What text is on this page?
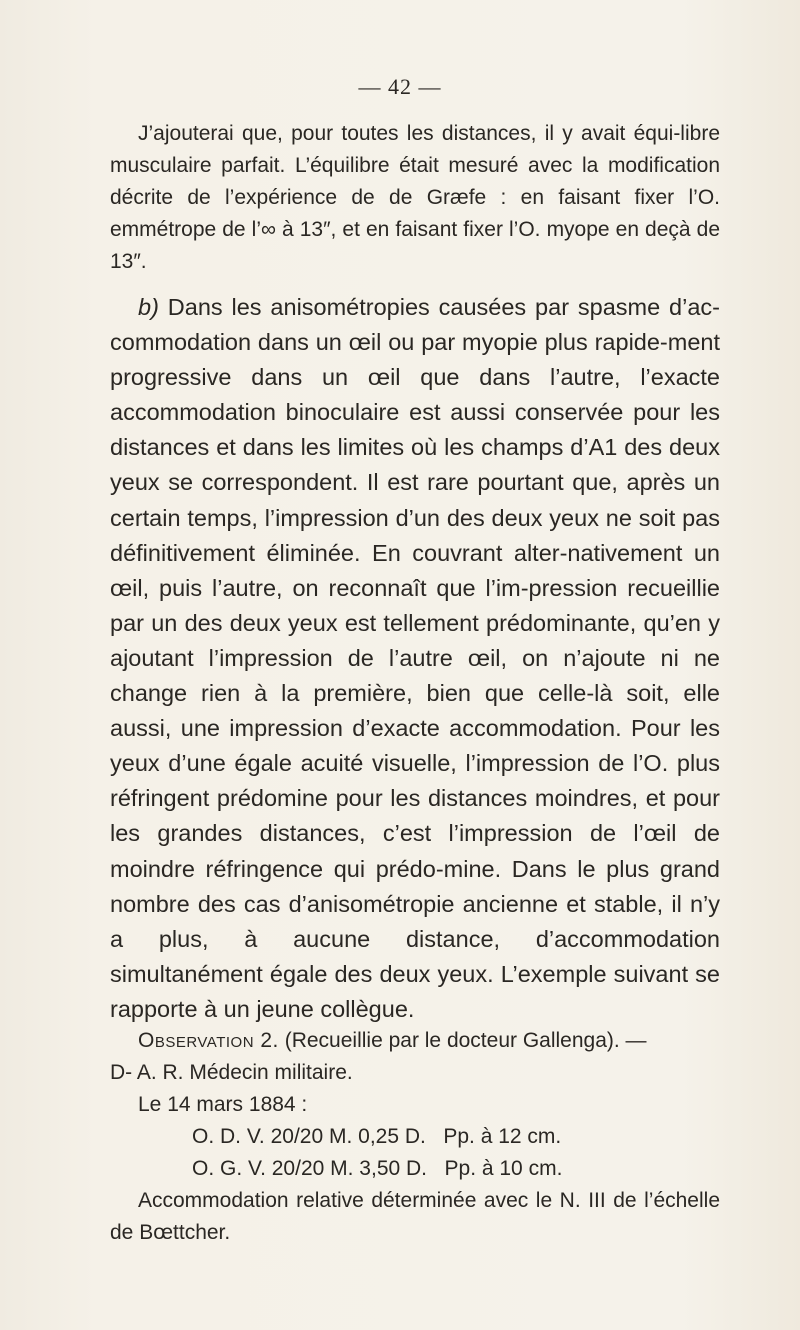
— 42 —

J’ajouterai que, pour toutes les distances, il y avait équi-libre musculaire parfait. L’équilibre était mesuré avec la modification décrite de l’expérience de de Græfe : en faisant fixer l’O. emmétrope de l’∞ à 13″, et en faisant fixer l’O. myope en deçà de 13″.

b) Dans les anisométropies causées par spasme d’ac-commodation dans un œil ou par myopie plus rapide-ment progressive dans un œil que dans l’autre, l’exacte accommodation binoculaire est aussi conservée pour les distances et dans les limites où les champs d’A1 des deux yeux se correspondent. Il est rare pourtant que, après un certain temps, l’impression d’un des deux yeux ne soit pas définitivement éliminée. En couvrant alter-nativement un œil, puis l’autre, on reconnaît que l’im-pression recueillie par un des deux yeux est tellement prédominante, qu’en y ajoutant l’impression de l’autre œil, on n’ajoute ni ne change rien à la première, bien que celle-là soit, elle aussi, une impression d’exacte accommodation. Pour les yeux d’une égale acuité visuelle, l’impression de l’O. plus réfringent prédomine pour les distances moindres, et pour les grandes distances, c’est l’impression de l’œil de moindre réfringence qui prédo-mine. Dans le plus grand nombre des cas d’anisométropie ancienne et stable, il n’y a plus, à aucune distance, d’accommodation simultanément égale des deux yeux. L’exemple suivant se rapporte à un jeune collègue.

Observation 2. (Recueillie par le docteur Gallenga). —

D- A. R. Médecin militaire.

Le 14 mars 1884 :

O. D. V. 20/20 M. 0,25 D.   Pp. à 12 cm.

O. G. V. 20/20 M. 3,50 D.   Pp. à 10 cm.

Accommodation relative déterminée avec le N. III de l’échelle de Bœttcher.
